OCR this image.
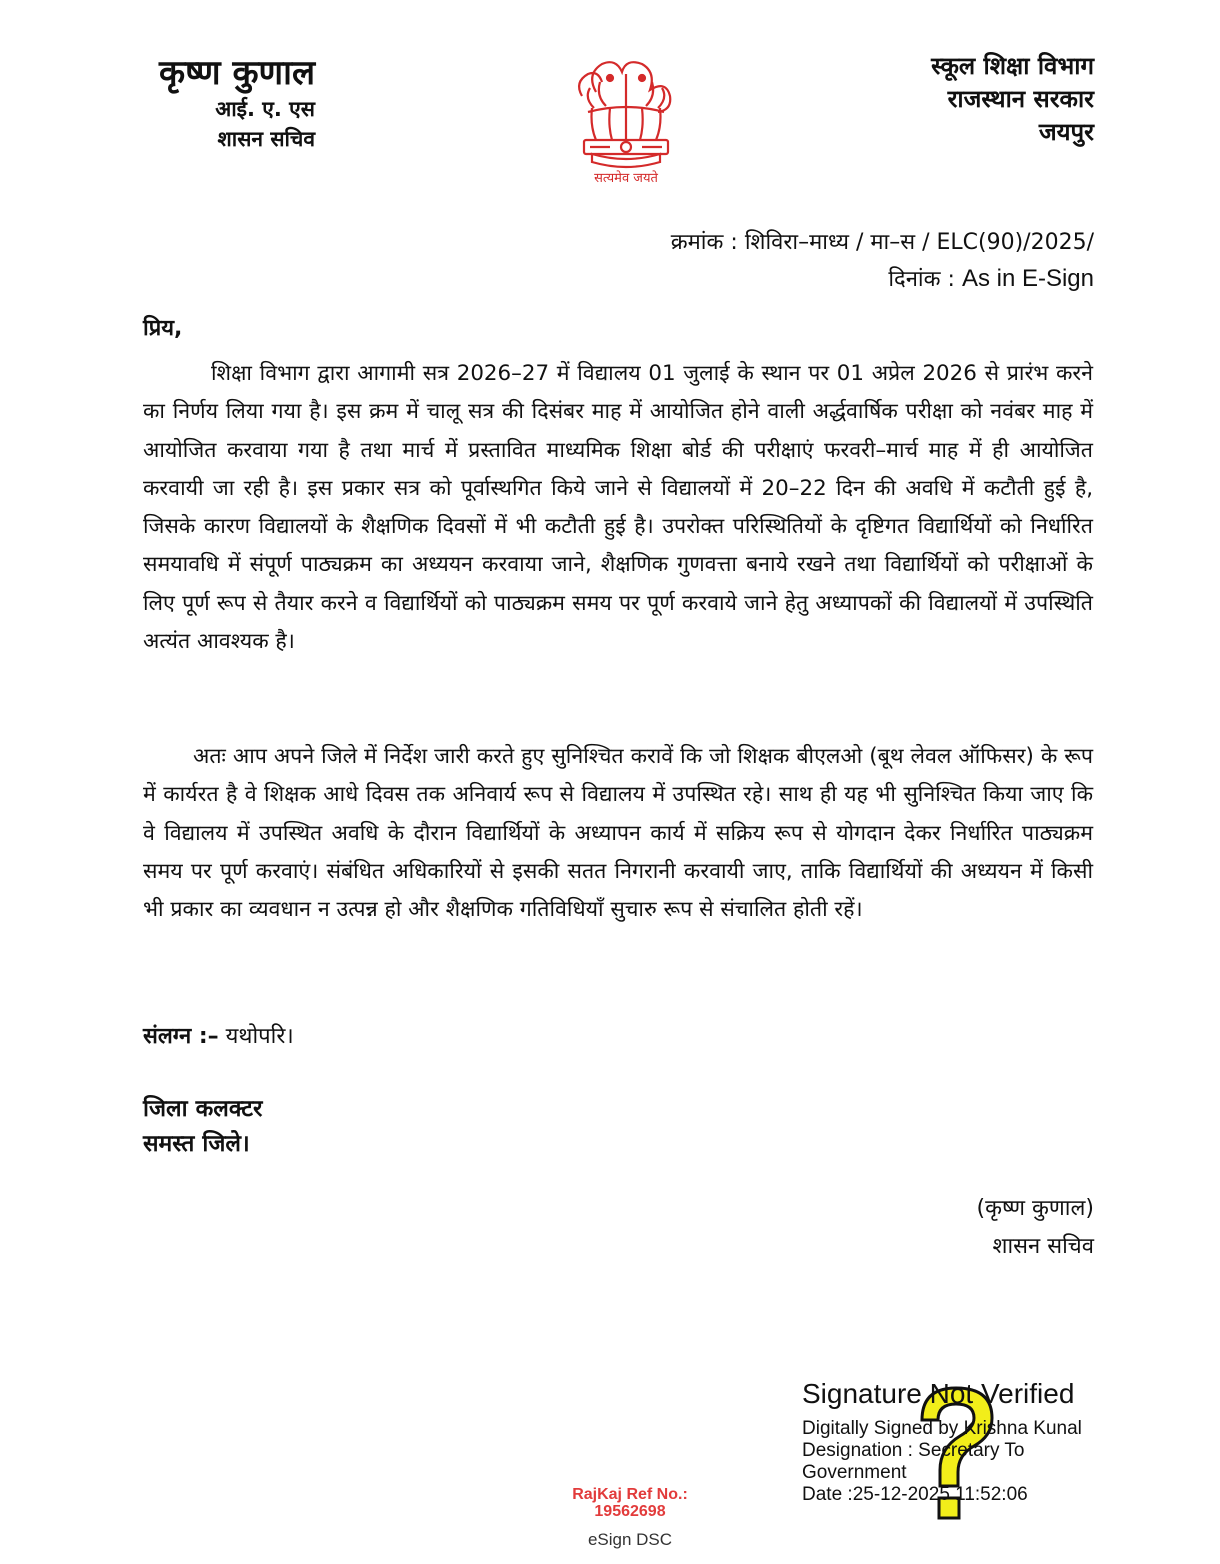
कृष्ण कुणाल
आई. ए. एस
शासन सचिव
सत्यमेव जयते
स्कूल शिक्षा विभाग
राजस्थान सरकार
जयपुर
क्रमांक : शिविरा–माध्य / मा–स / ELC(90)/2025/
दिनांक : As in E-Sign
प्रिय,

शिक्षा विभाग द्वारा आगामी सत्र 2026–27 में विद्यालय 01 जुलाई के स्थान पर 01 अप्रेल 2026 से प्रारंभ करने का निर्णय लिया गया है। इस क्रम में चालू सत्र की दिसंबर माह में आयोजित होने वाली अर्द्धवार्षिक परीक्षा को नवंबर माह में आयोजित करवाया गया है तथा मार्च में प्रस्तावित माध्यमिक शिक्षा बोर्ड की परीक्षाएं फरवरी–मार्च माह में ही आयोजित करवायी जा रही है। इस प्रकार सत्र को पूर्वास्थगित किये जाने से विद्यालयों में 20–22 दिन की अवधि में कटौती हुई है, जिसके कारण विद्यालयों के शैक्षणिक दिवसों में भी कटौती हुई है। उपरोक्त परिस्थितियों के दृष्टिगत विद्यार्थियों को निर्धारित समयावधि में संपूर्ण पाठ्यक्रम का अध्ययन करवाया जाने, शैक्षणिक गुणवत्ता बनाये रखने तथा विद्यार्थियों को परीक्षाओं के लिए पूर्ण रूप से तैयार करने व विद्यार्थियों को पाठ्यक्रम समय पर पूर्ण करवाये जाने हेतु अध्यापकों की विद्यालयों में उपस्थिति अत्यंत आवश्यक है।

अतः आप अपने जिले में निर्देश जारी करते हुए सुनिश्चित करावें कि जो शिक्षक बीएलओ (बूथ लेवल ऑफिसर) के रूप में कार्यरत है वे शिक्षक आधे दिवस तक अनिवार्य रूप से विद्यालय में उपस्थित रहे। साथ ही यह भी सुनिश्चित किया जाए कि वे विद्यालय में उपस्थित अवधि के दौरान विद्यार्थियों के अध्यापन कार्य में सक्रिय रूप से योगदान देकर निर्धारित पाठ्यक्रम समय पर पूर्ण करवाएं। संबंधित अधिकारियों से इसकी सतत निगरानी करवायी जाए, ताकि विद्यार्थियों की अध्ययन में किसी भी प्रकार का व्यवधान न उत्पन्न हो और शैक्षणिक गतिविधियाँ सुचारु रूप से संचालित होती रहें।

संलग्न :– यथोपरि।
जिला कलक्टर
समस्त जिले।
(कृष्ण कुणाल)
शासन सचिव
Signature Not Verified
Digitally Signed by Krishna Kunal
Designation : Secretary To
Government
Date :25-12-2025 11:52:06
RajKaj Ref No.:
19562698
eSign DSC
